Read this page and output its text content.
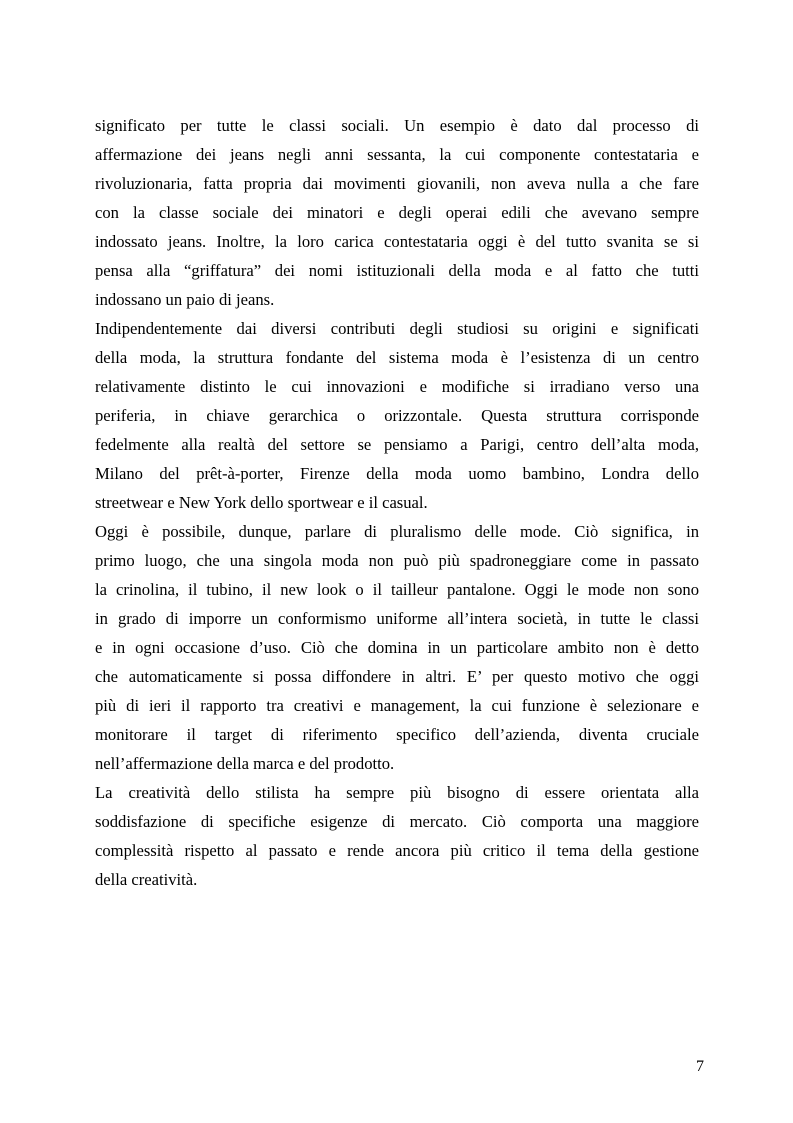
significato per tutte le classi sociali. Un esempio è dato dal processo di
affermazione dei jeans negli anni sessanta, la cui componente contestataria e
rivoluzionaria, fatta propria dai movimenti giovanili, non aveva nulla a che fare
con la classe sociale dei minatori e degli operai edili che avevano sempre
indossato jeans. Inoltre, la loro carica contestataria oggi è del tutto svanita se si
pensa alla “griffatura” dei nomi istituzionali della moda e al fatto che tutti
indossano un paio di jeans.
Indipendentemente dai diversi contributi degli studiosi su origini e significati
della moda, la struttura fondante del sistema moda è l’esistenza di un centro
relativamente distinto le cui innovazioni e modifiche si irradiano verso una
periferia, in chiave gerarchica o orizzontale. Questa struttura corrisponde
fedelmente alla realtà del settore se pensiamo a Parigi, centro dell’alta moda,
Milano del prêt-à-porter, Firenze della moda uomo bambino, Londra dello
streetwear e New York dello sportwear e il casual.
Oggi è possibile, dunque, parlare di pluralismo delle mode. Ciò significa, in
primo luogo, che una singola moda non può più spadroneggiare come in passato
la crinolina, il tubino, il new look o il tailleur pantalone. Oggi le mode non sono
in grado di imporre un conformismo uniforme all’intera società, in tutte le classi
e in ogni occasione d’uso. Ciò che domina in un particolare ambito non è detto
che automaticamente si possa diffondere in altri. E’ per questo motivo che oggi
più di ieri il rapporto tra creativi e management, la cui funzione è selezionare e
monitorare il target di riferimento specifico dell’azienda, diventa cruciale
nell’affermazione della marca e del prodotto.
La creatività dello stilista ha sempre più bisogno di essere orientata alla
soddisfazione di specifiche esigenze di mercato. Ciò comporta una maggiore
complessità rispetto al passato e rende ancora più critico il tema della gestione
della creatività.
7
